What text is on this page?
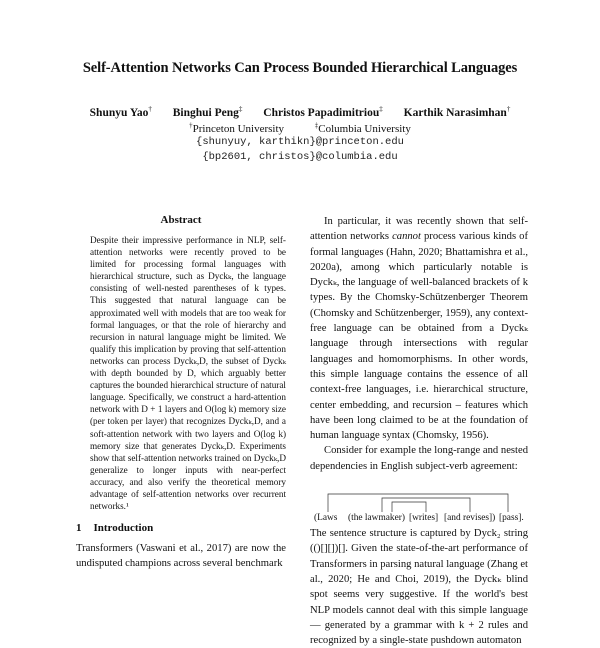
Self-Attention Networks Can Process Bounded Hierarchical Languages
Shunyu Yao† Binghui Peng‡ Christos Papadimitriou‡ Karthik Narasimhan†
†Princeton University	‡Columbia University
{shunyuy, karthikn}@princeton.edu
{bp2601, christos}@columbia.edu
Abstract

Despite their impressive performance in NLP, self-attention networks were recently proved to be limited for processing formal languages with hierarchical structure, such as Dyckₖ, the language consisting of well-nested parentheses of k types. This suggested that natural language can be approximated well with models that are too weak for formal languages, or that the role of hierarchy and recursion in natural language might be limited. We qualify this implication by proving that self-attention networks can process Dyckₖ,D, the subset of Dyckₖ with depth bounded by D, which arguably better captures the bounded hierarchical structure of natural language. Specifically, we construct a hard-attention network with D + 1 layers and O(log k) memory size (per token per layer) that recognizes Dyckₖ,D, and a soft-attention network with two layers and O(log k) memory size that generates Dyckₖ,D. Experiments show that self-attention networks trained on Dyckₖ,D generalize to longer inputs with near-perfect accuracy, and also verify the theoretical memory advantage of self-attention networks over recurrent networks.¹

1 Introduction

Transformers (Vaswani et al., 2017) are now the undisputed champions across several benchmark

In particular, it was recently shown that self-attention networks cannot process various kinds of formal languages (Hahn, 2020; Bhattamishra et al., 2020a), among which particularly notable is Dyckₖ, the language of well-balanced brackets of k types. By the Chomsky-Schützenberger Theorem (Chomsky and Schützenberger, 1959), any context-free language can be obtained from a Dyckₖ language through intersections with regular languages and homomorphisms. In other words, this simple language contains the essence of all context-free languages, i.e. hierarchical structure, center embedding, and recursion – features which have been long claimed to be at the foundation of human language syntax (Chomsky, 1956).

Consider for example the long-range and nested dependencies in English subject-verb agreement:

(Laws (the lawmaker) [writes] [and revises]) [pass].

The sentence structure is captured by Dyck₂ string (()[][])[]. Given the state-of-the-art performance of Transformers in parsing natural language (Zhang et al., 2020; He and Choi, 2019), the Dyckₖ blind spot seems very suggestive. If the world's best NLP models cannot deal with this simple language — generated by a grammar with k + 2 rules and recognized by a single-state pushdown automaton
